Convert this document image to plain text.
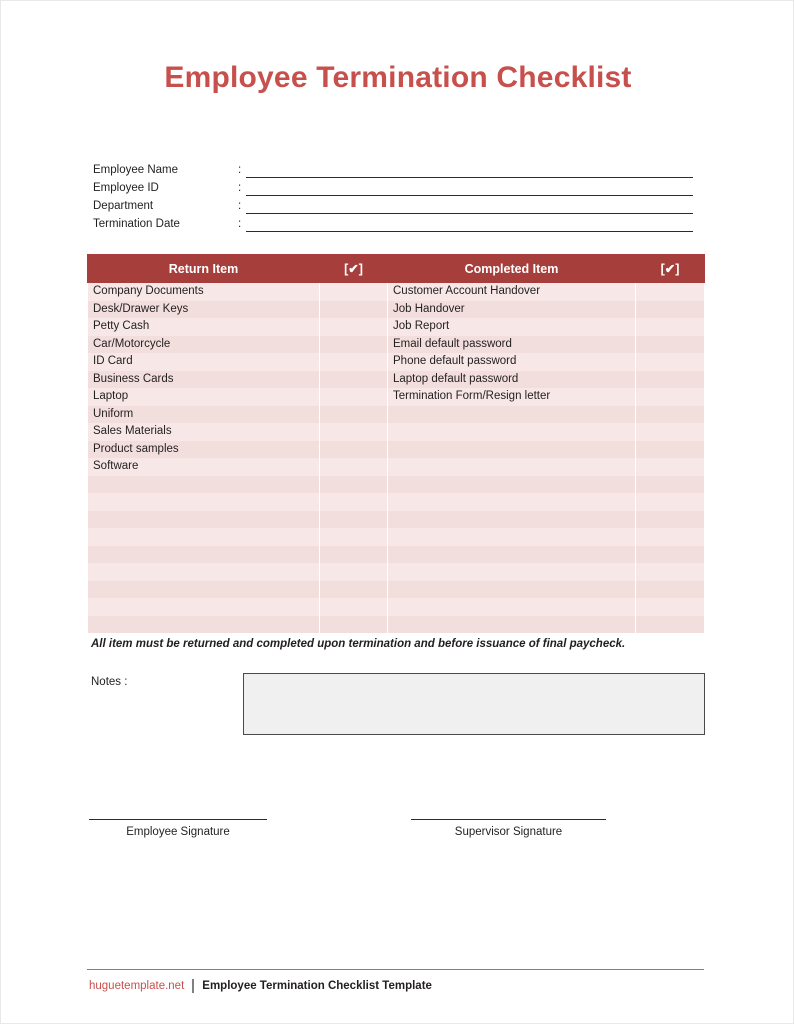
Employee Termination Checklist
Employee Name	:
Employee ID	:
Department	:
Termination Date	:
Return Item	[✔]	Completed Item	[✔]
Company Documents		Customer Account Handover	
Desk/Drawer Keys		Job Handover	
Petty Cash		Job Report	
Car/Motorcycle		Email default password	
ID Card		Phone default password	
Business Cards		Laptop default password	
Laptop		Termination Form/Resign letter	
Uniform			
Sales Materials			
Product samples			
Software			

All item must be returned and completed upon termination and before issuance of final paycheck.
Notes :
Employee Signature	Supervisor Signature
huguetemplate.net	Employee Termination Checklist Template
